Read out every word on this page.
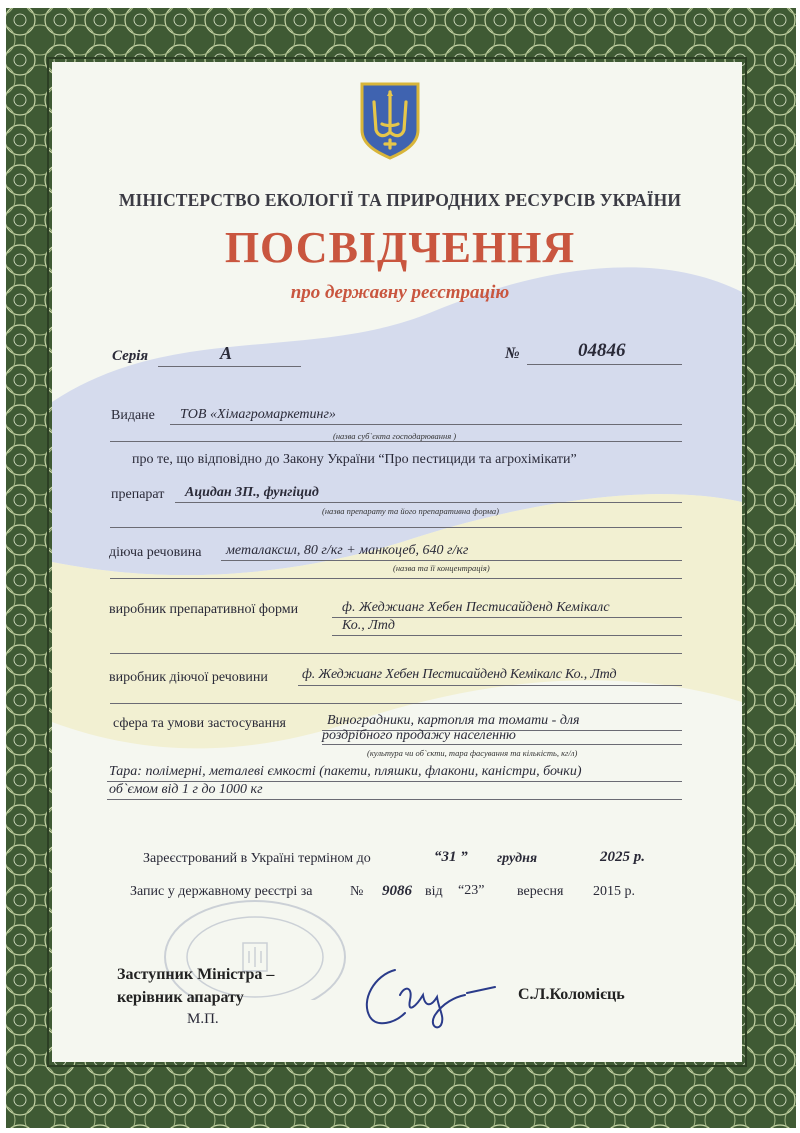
МІНІСТЕРСТВО ЕКОЛОГІЇ ТА ПРИРОДНИХ РЕСУРСІВ УКРАЇНИ
ПОСВІДЧЕННЯ
про державну реєстрацію
Серія	А	№	04846
Видане ТОВ «Хімагромаркетинг»
(назва суб`єкта господарювання )
про те, що відповідно до Закону України “Про пестициди та агрохімікати”
препарат Ацидан ЗП., фунгіцид
(назва препарату та його препаративна форма)
діюча речовина металаксил, 80 г/кг + манкоцеб, 640 г/кг
(назва та її концентрація)
виробник препаративної форми	ф. Жеджианг Хебен Пестисайденд Кемікалс
Ко., Лтд
виробник діючої речовини ф. Жеджианг Хебен Пестисайденд Кемікалс Ко., Лтд
сфера та умови застосування	Виноградники, картопля та томати - для
роздрібного продажу населенню
(культура чи об`єкти, тара фасування та кількість, кг/л)
Тара: полімерні, металеві ємкості (пакети, пляшки, флакони, каністри, бочки)
об`ємом від 1 г до 1000 кг
Зареєстрований в Україні терміном до	“31 ” грудня	2025 р.
Запис у державному реєстрі за	№ 9086 від “23” вересня 2015 р.
Заступник Міністра –
керівник апарату
М.П.
С.Л.Коломієць
